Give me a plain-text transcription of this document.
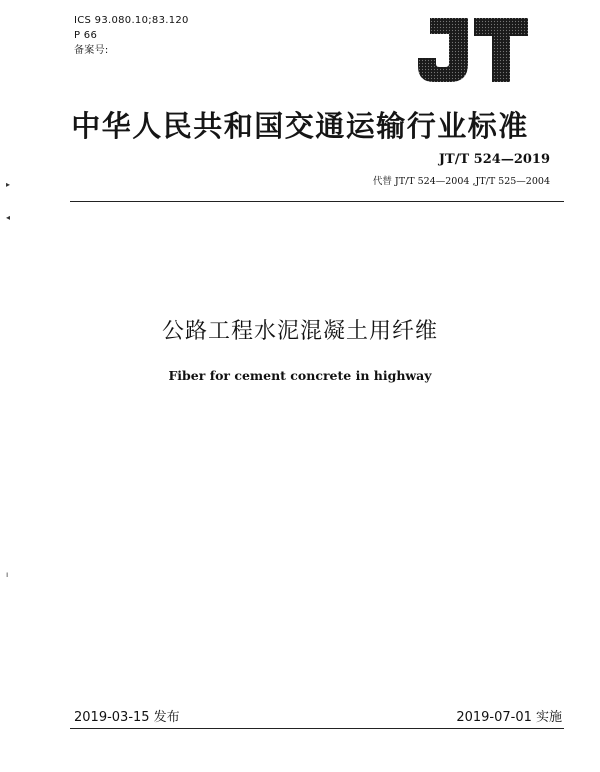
ICS 93.080.10;83.120
P 66
备案号:
中华人民共和国交通运输行业标准
JT/T 524—2019
代替 JT/T 524—2004 ,JT/T 525—2004
公路工程水泥混凝土用纤维
Fiber for cement concrete in highway
2019-03-15 发布	2019-07-01 实施
▸
◂
ı
